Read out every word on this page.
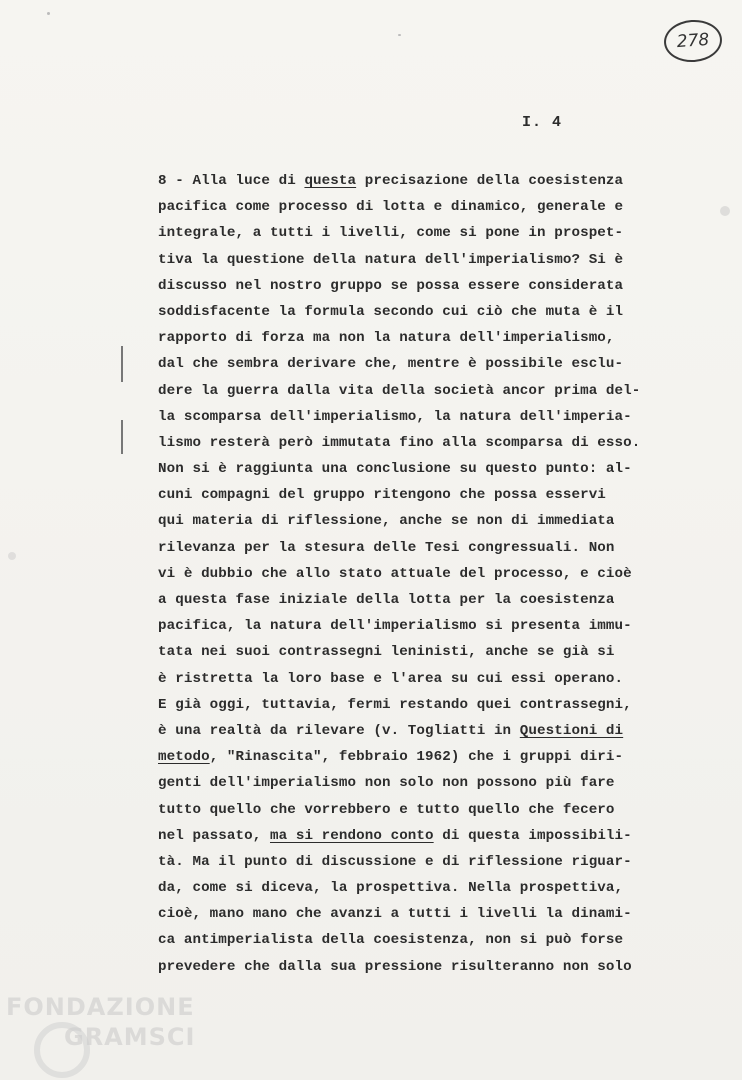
278
I. 4
8 - Alla luce di questa precisazione della coesistenza
pacifica come processo di lotta e dinamico, generale e
integrale, a tutti i livelli, come si pone in prospet-
tiva la questione della natura dell'imperialismo? Si è
discusso nel nostro gruppo se possa essere considerata
soddisfacente la formula secondo cui ciò che muta è il
rapporto di forza ma non la natura dell'imperialismo,
dal che sembra derivare che, mentre è possibile esclu-
dere la guerra dalla vita della società ancor prima del-
la scomparsa dell'imperialismo, la natura dell'imperia-
lismo resterà però immutata fino alla scomparsa di esso.
Non si è raggiunta una conclusione su questo punto: al-
cuni compagni del gruppo ritengono che possa esservi
qui materia di riflessione, anche se non di immediata
rilevanza per la stesura delle Tesi congressuali. Non
vi è dubbio che allo stato attuale del processo, e cioè
a questa fase iniziale della lotta per la coesistenza
pacifica, la natura dell'imperialismo si presenta immu-
tata nei suoi contrassegni leninisti, anche se già si
è ristretta la loro base e l'area su cui essi operano.
E già oggi, tuttavia, fermi restando quei contrassegni,
è una realtà da rilevare (v. Togliatti in Questioni di
metodo, "Rinascita", febbraio 1962) che i gruppi diri-
genti dell'imperialismo non solo non possono più fare
tutto quello che vorrebbero e tutto quello che fecero
nel passato, ma si rendono conto di questa impossibili-
tà. Ma il punto di discussione e di riflessione riguar-
da, come si diceva, la prospettiva. Nella prospettiva,
cioè, mano mano che avanzi a tutti i livelli la dinami-
ca antimperialista della coesistenza, non si può forse
prevedere che dalla sua pressione risulteranno non solo
FONDAZIONE
GRAMSCI
